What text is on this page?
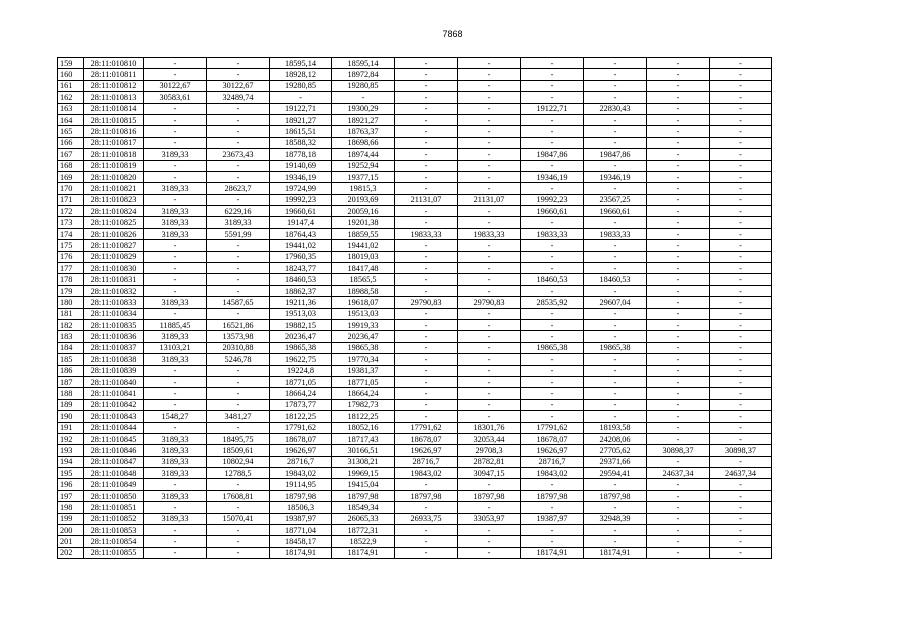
7868
159	28:11:010810	-	-	18595,14	18595,14	-	-	-	-	-	-
160	28:11:010811	-	-	18928,12	18972,84	-	-	-	-	-	-
161	28:11:010812	30122,67	30122,67	19280,85	19280,85	-	-	-	-	-	-
162	28:11:010813	30583,61	32489,74	-	-	-	-	-	-	-	-
163	28:11:010814	-	-	19122,71	19300,29	-	-	19122,71	22830,43	-	-
164	28:11:010815	-	-	18921,27	18921,27	-	-	-	-	-	-
165	28:11:010816	-	-	18615,51	18763,37	-	-	-	-	-	-
166	28:11:010817	-	-	18588,32	18698,66	-	-	-	-	-	-
167	28:11:010818	3189,33	23673,43	18778,18	18974,44	-	-	19847,86	19847,86	-	-
168	28:11:010819	-	-	19140,69	19252,94	-	-	-	-	-	-
169	28:11:010820	-	-	19346,19	19377,15	-	-	19346,19	19346,19	-	-
170	28:11:010821	3189,33	28623,7	19724,99	19815,3	-	-	-	-	-	-
171	28:11:010823	-	-	19992,23	20193,69	21131,07	21131,07	19992,23	23567,25	-	-
172	28:11:010824	3189,33	6229,16	19660,61	20059,16	-	-	19660,61	19660,61	-	-
173	28:11:010825	3189,33	3189,33	19147,4	19201,38	-	-	-	-	-	-
174	28:11:010826	3189,33	5591,99	18764,43	18859,55	19833,33	19833,33	19833,33	19833,33	-	-
175	28:11:010827	-	-	19441,02	19441,02	-	-	-	-	-	-
176	28:11:010829	-	-	17960,35	18019,03	-	-	-	-	-	-
177	28:11:010830	-	-	18243,77	18417,48	-	-	-	-	-	-
178	28:11:010831	-	-	18460,53	18565,5	-	-	18460,53	18460,53	-	-
179	28:11:010832	-	-	18862,37	18988,58	-	-	-	-	-	-
180	28:11:010833	3189,33	14587,65	19211,36	19618,07	29790,83	29790,83	28535,92	29607,04	-	-
181	28:11:010834	-	-	19513,03	19513,03	-	-	-	-	-	-
182	28:11:010835	11885,45	16521,86	19882,15	19919,33	-	-	-	-	-	-
183	28:11:010836	3189,33	13573,98	20236,47	20236,47	-	-	-	-	-	-
184	28:11:010837	13103,21	20310,88	19865,38	19865,38	-	-	19865,38	19865,38	-	-
185	28:11:010838	3189,33	5246,78	19622,75	19770,34	-	-	-	-	-	-
186	28:11:010839	-	-	19224,8	19381,37	-	-	-	-	-	-
187	28:11:010840	-	-	18771,05	18771,05	-	-	-	-	-	-
188	28:11:010841	-	-	18664,24	18664,24	-	-	-	-	-	-
189	28:11:010842	-	-	17873,77	17982,73	-	-	-	-	-	-
190	28:11:010843	1548,27	3481,27	18122,25	18122,25	-	-	-	-	-	-
191	28:11:010844	-	-	17791,62	18052,16	17791,62	18301,76	17791,62	18193,58	-	-
192	28:11:010845	3189,33	18495,75	18678,07	18717,43	18678,07	32053,44	18678,07	24208,06	-	-
193	28:11:010846	3189,33	18509,61	19626,97	30166,51	19626,97	29708,3	19626,97	27705,62	30898,37	30898,37
194	28:11:010847	3189,33	10802,94	28716,7	31308,21	28716,7	28782,81	28716,7	29371,66	-	-
195	28:11:010848	3189,33	12788,5	19843,02	19969,15	19843,02	30947,15	19843,02	29594,41	24637,34	24637,34
196	28:11:010849	-	-	19114,95	19415,04	-	-	-	-	-	-
197	28:11:010850	3189,33	17608,81	18797,98	18797,98	18797,98	18797,98	18797,98	18797,98	-	-
198	28:11:010851	-	-	18506,3	18549,34	-	-	-	-	-	-
199	28:11:010852	3189,33	15070,41	19387,97	26065,33	26933,75	33053,97	19387,97	32948,39	-	-
200	28:11:010853	-	-	18771,04	18772,31	-	-	-	-	-	-
201	28:11:010854	-	-	18458,17	18522,9	-	-	-	-	-	-
202	28:11:010855	-	-	18174,91	18174,91	-	-	18174,91	18174,91	-	-
